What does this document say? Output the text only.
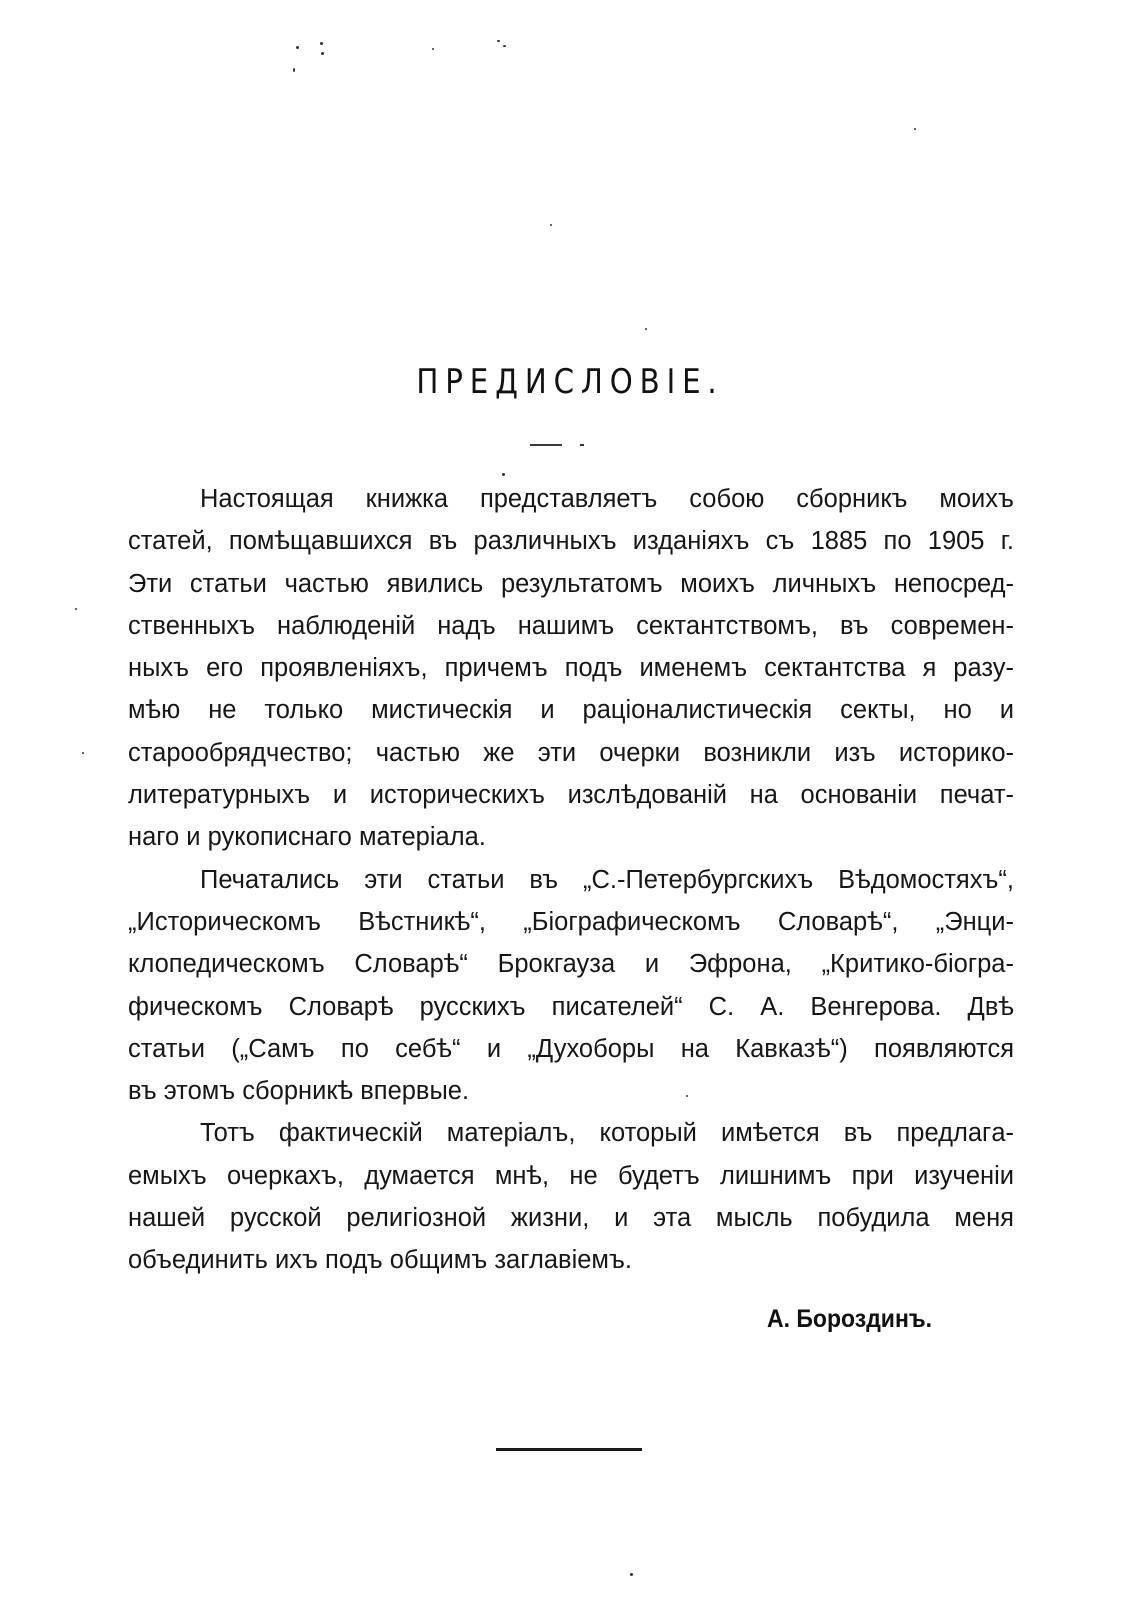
ПРЕДИСЛОВІЕ.
Настоящая книжка представляетъ собою сборникъ моихъ
статей, помѣщавшихся въ различныхъ изданіяхъ съ 1885 по 1905 г.
Эти статьи частью явились результатомъ моихъ личныхъ непосред-
ственныхъ наблюденій надъ нашимъ сектантствомъ, въ современ-
ныхъ его проявленіяхъ, причемъ подъ именемъ сектантства я разу-
мѣю не только мистическія и раціоналистическія секты, но и
старообрядчество; частью же эти очерки возникли изъ историко-
литературныхъ и историческихъ изслѣдованій на основаніи печат-
наго и рукописнаго матеріала.
Печатались эти статьи въ „С.-Петербургскихъ Вѣдомостяхъ“,
„Историческомъ Вѣстникѣ“, „Біографическомъ Словарѣ“, „Энци-
клопедическомъ Словарѣ“ Брокгауза и Эфрона, „Критико-біогра-
фическомъ Словарѣ русскихъ писателей“ С. А. Венгерова. Двѣ
статьи („Самъ по себѣ“ и „Духоборы на Кавказѣ“) появляются
въ этомъ сборникѣ впервые.
Тотъ фактическій матеріалъ, который имѣется въ предлагa-
емыхъ очеркахъ, думается мнѣ, не будетъ лишнимъ при изученіи
нашей русской религіозной жизни, и эта мысль побудила меня
объединить ихъ подъ общимъ заглавіемъ.
А. Бороздинъ.
